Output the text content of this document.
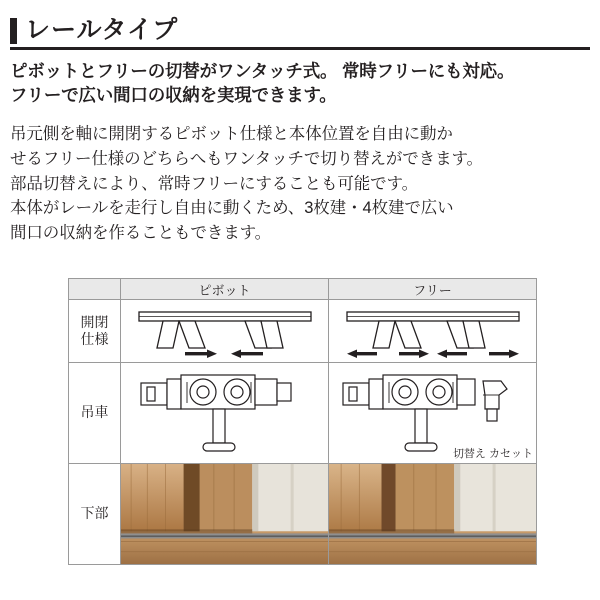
レールタイプ
ピボットとフリーの切替がワンタッチ式。 常時フリーにも対応。
フリーで広い間口の収納を実現できます。
吊元側を軸に開閉するピボット仕様と本体位置を自由に動か
せるフリー仕様のどちらへもワンタッチで切り替えができます。
部品切替えにより、常時フリーにすることも可能です。
本体がレールを走行し自由に動くため、3枚建・4枚建で広い
間口の収納を作ることもできます。
	ピボット	フリー

開閉
仕様

吊車		切替え カセット

下部
